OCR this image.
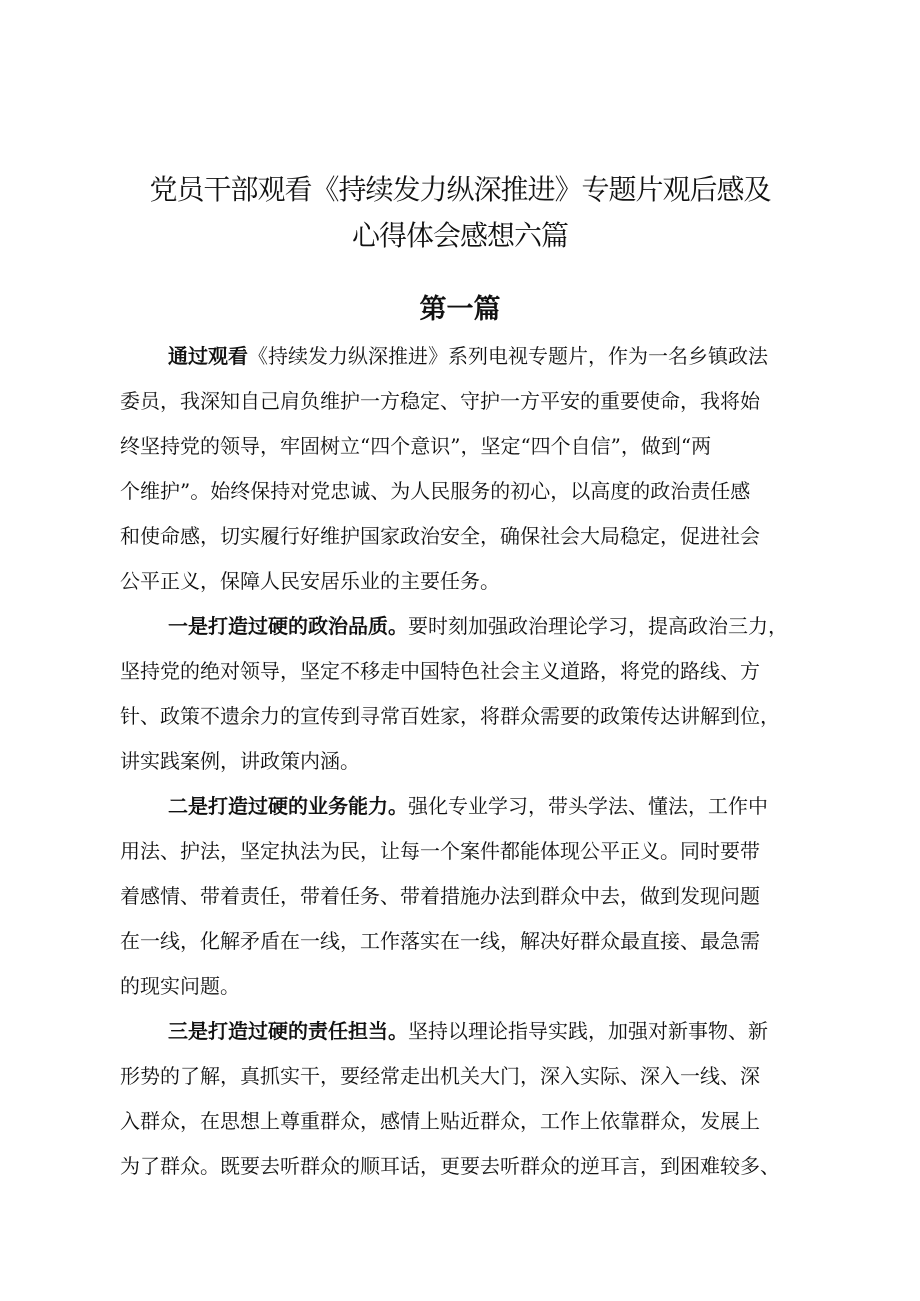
党员干部观看《持续发力纵深推进》专题片观后感及
心得体会感想六篇
第一篇
通过观看《持续发力纵深推进》系列电视专题片，作为一名乡镇政法
委员，我深知自己肩负维护一方稳定、守护一方平安的重要使命，我将始
终坚持党的领导，牢固树立“四个意识”，坚定“四个自信”，做到“两
个维护”。始终保持对党忠诚、为人民服务的初心，以高度的政治责任感
和使命感，切实履行好维护国家政治安全，确保社会大局稳定，促进社会
公平正义，保障人民安居乐业的主要任务。
一是打造过硬的政治品质。要时刻加强政治理论学习，提高政治三力，
坚持党的绝对领导，坚定不移走中国特色社会主义道路，将党的路线、方
针、政策不遗余力的宣传到寻常百姓家，将群众需要的政策传达讲解到位，
讲实践案例，讲政策内涵。
二是打造过硬的业务能力。强化专业学习，带头学法、懂法，工作中
用法、护法，坚定执法为民，让每一个案件都能体现公平正义。同时要带
着感情、带着责任，带着任务、带着措施办法到群众中去，做到发现问题
在一线，化解矛盾在一线，工作落实在一线，解决好群众最直接、最急需
的现实问题。
三是打造过硬的责任担当。坚持以理论指导实践，加强对新事物、新
形势的了解，真抓实干，要经常走出机关大门，深入实际、深入一线、深
入群众，在思想上尊重群众，感情上贴近群众，工作上依靠群众，发展上
为了群众。既要去听群众的顺耳话，更要去听群众的逆耳言，到困难较多、
